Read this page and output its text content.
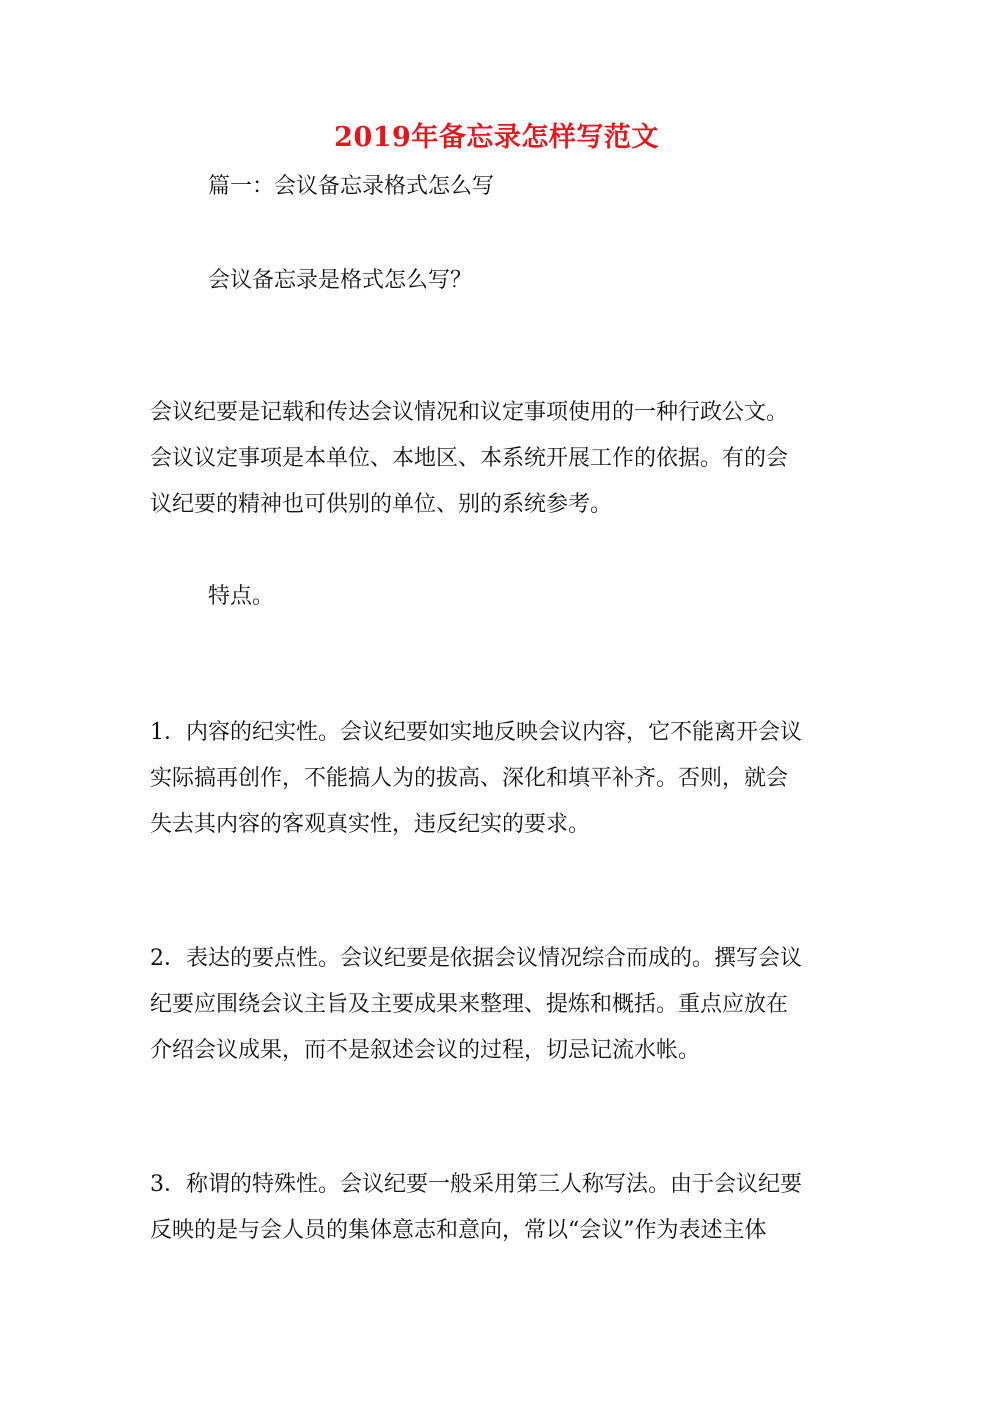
2019年备忘录怎样写范文
篇一：会议备忘录格式怎么写
会议备忘录是格式怎么写？
会议纪要是记载和传达会议情况和议定事项使用的一种行政公文。
会议议定事项是本单位、本地区、本系统开展工作的依据。有的会
议纪要的精神也可供别的单位、别的系统参考。
特点。
1．内容的纪实性。会议纪要如实地反映会议内容，它不能离开会议
实际搞再创作，不能搞人为的拔高、深化和填平补齐。否则，就会
失去其内容的客观真实性，违反纪实的要求。
2．表达的要点性。会议纪要是依据会议情况综合而成的。撰写会议
纪要应围绕会议主旨及主要成果来整理、提炼和概括。重点应放在
介绍会议成果，而不是叙述会议的过程，切忌记流水帐。
3．称谓的特殊性。会议纪要一般采用第三人称写法。由于会议纪要
反映的是与会人员的集体意志和意向，常以“会议”作为表述主体
